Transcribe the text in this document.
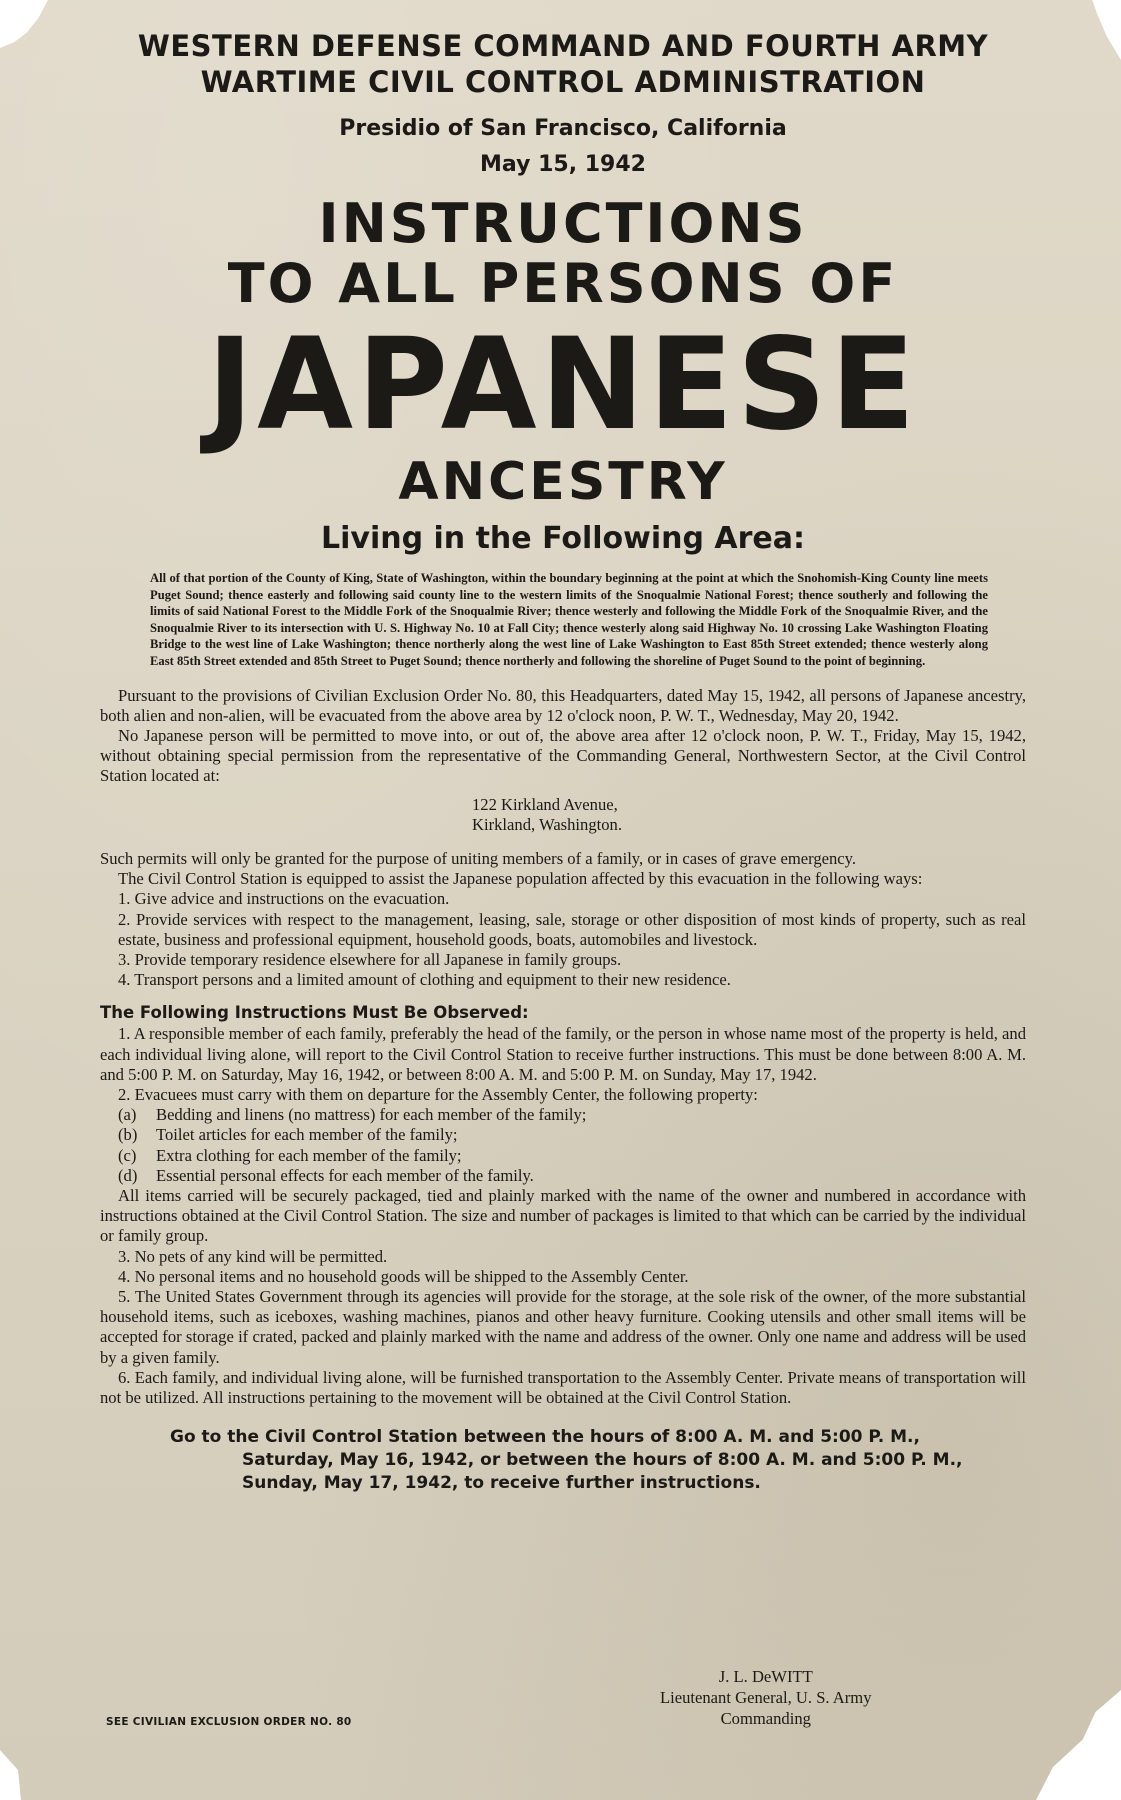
WESTERN DEFENSE COMMAND AND FOURTH ARMY
WARTIME CIVIL CONTROL ADMINISTRATION
Presidio of San Francisco, California
May 15, 1942
INSTRUCTIONS
TO ALL PERSONS OF
JAPANESE
ANCESTRY
Living in the Following Area:
All of that portion of the County of King, State of Washington, within the boundary beginning at the point at which the Snohomish-King County line meets Puget Sound; thence easterly and following said county line to the western limits of the Snoqualmie National Forest; thence southerly and following the limits of said National Forest to the Middle Fork of the Snoqualmie River; thence westerly and following the Middle Fork of the Snoqualmie River, and the Snoqualmie River to its intersection with U. S. Highway No. 10 at Fall City; thence westerly along said Highway No. 10 crossing Lake Washington Floating Bridge to the west line of Lake Washington; thence northerly along the west line of Lake Washington to East 85th Street extended; thence westerly along East 85th Street extended and 85th Street to Puget Sound; thence northerly and following the shoreline of Puget Sound to the point of beginning.

Pursuant to the provisions of Civilian Exclusion Order No. 80, this Headquarters, dated May 15, 1942, all persons of Japanese ancestry, both alien and non-alien, will be evacuated from the above area by 12 o'clock noon, P. W. T., Wednesday, May 20, 1942.

No Japanese person will be permitted to move into, or out of, the above area after 12 o'clock noon, P. W. T., Friday, May 15, 1942, without obtaining special permission from the representative of the Commanding General, Northwestern Sector, at the Civil Control Station located at:

122 Kirkland Avenue,
Kirkland, Washington.

Such permits will only be granted for the purpose of uniting members of a family, or in cases of grave emergency.

The Civil Control Station is equipped to assist the Japanese population affected by this evacuation in the following ways:

1. Give advice and instructions on the evacuation.
2. Provide services with respect to the management, leasing, sale, storage or other disposition of most kinds of property, such as real estate, business and professional equipment, household goods, boats, automobiles and livestock.
3. Provide temporary residence elsewhere for all Japanese in family groups.
4. Transport persons and a limited amount of clothing and equipment to their new residence.
The Following Instructions Must Be Observed:

1. A responsible member of each family, preferably the head of the family, or the person in whose name most of the property is held, and each individual living alone, will report to the Civil Control Station to receive further instructions. This must be done between 8:00 A. M. and 5:00 P. M. on Saturday, May 16, 1942, or between 8:00 A. M. and 5:00 P. M. on Sunday, May 17, 1942.

2. Evacuees must carry with them on departure for the Assembly Center, the following property:

(a) Bedding and linens (no mattress) for each member of the family;
(b) Toilet articles for each member of the family;
(c) Extra clothing for each member of the family;
(d) Essential personal effects for each member of the family.

All items carried will be securely packaged, tied and plainly marked with the name of the owner and numbered in accordance with instructions obtained at the Civil Control Station. The size and number of packages is limited to that which can be carried by the individual or family group.

3. No pets of any kind will be permitted.

4. No personal items and no household goods will be shipped to the Assembly Center.

5. The United States Government through its agencies will provide for the storage, at the sole risk of the owner, of the more substantial household items, such as iceboxes, washing machines, pianos and other heavy furniture. Cooking utensils and other small items will be accepted for storage if crated, packed and plainly marked with the name and address of the owner. Only one name and address will be used by a given family.

6. Each family, and individual living alone, will be furnished transportation to the Assembly Center. Private means of transportation will not be utilized. All instructions pertaining to the movement will be obtained at the Civil Control Station.

Go to the Civil Control Station between the hours of 8:00 A. M. and 5:00 P. M.,
Saturday, May 16, 1942, or between the hours of 8:00 A. M. and 5:00 P. M.,
Sunday, May 17, 1942, to receive further instructions.
J. L. DeWITT
Lieutenant General, U. S. Army
Commanding
SEE CIVILIAN EXCLUSION ORDER NO. 80
